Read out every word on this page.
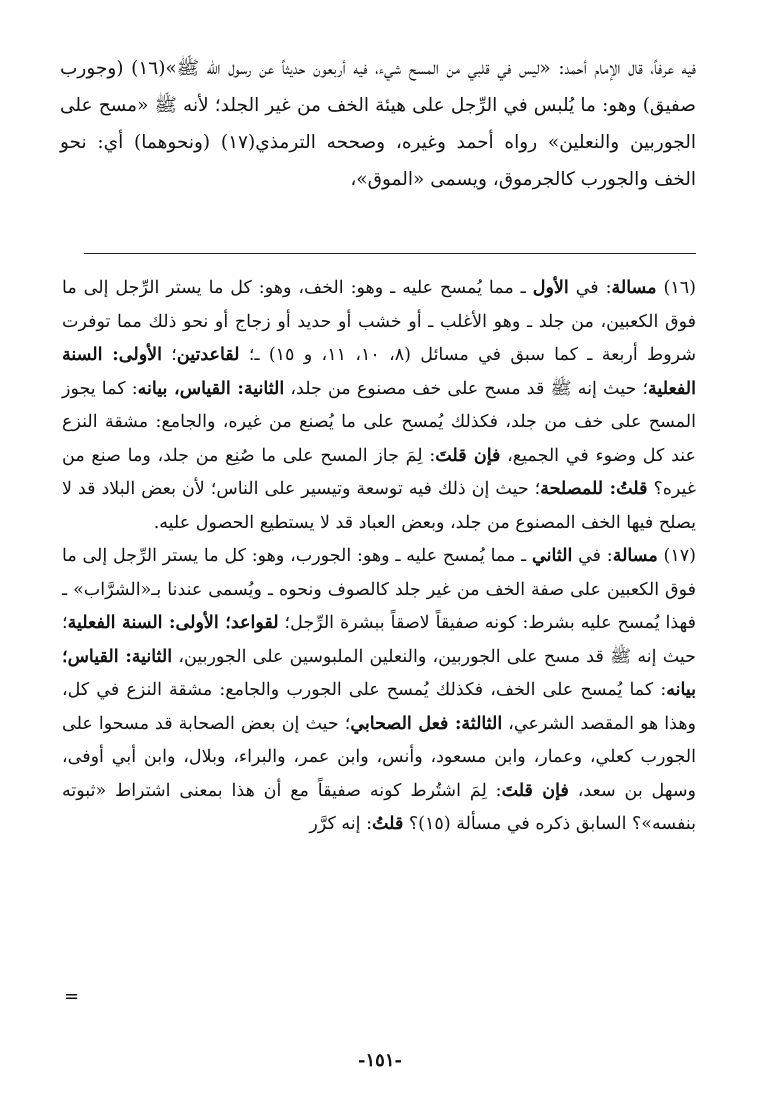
فيه عرفاً، قال الإمام أحمد: «ليس في قلبي من المسح شيء، فيه أربعون حديثاً عن رسول الله ﷺ»(١٦) (وجورب صفيق) وهو: ما يُلبس في الرِّجل على هيئة الخف من غير الجلد؛ لأنه ﷺ «مسح على الجوربين والنعلين» رواه أحمد وغيره، وصححه الترمذي(١٧) (ونحوهما) أي: نحو الخف والجورب كالجرموق، ويسمى «الموق»،

(١٦) مسالة: في الأول ـ مما يُمسح عليه ـ وهو: الخف، وهو: كل ما يستر الرِّجل إلى ما فوق الكعبين، من جلد ـ وهو الأغلب ـ أو خشب أو حديد أو زجاج أو نحو ذلك مما توفرت شروط أربعة ـ كما سبق في مسائل (٨، ١٠، ١١، و ١٥) ـ؛ لقاعدتين؛ الأولى: السنة الفعلية؛ حيث إنه ﷺ قد مسح على خف مصنوع من جلد، الثانية: القياس، بيانه: كما يجوز المسح على خف من جلد، فكذلك يُمسح على ما يُصنع من غيره، والجامع: مشقة النزع عند كل وضوء في الجميع، فإن قلتَ: لِمَ جاز المسح على ما صُنِع من جلد، وما صنع من غيره؟ قلتُ: للمصلحة؛ حيث إن ذلك فيه توسعة وتيسير على الناس؛ لأن بعض البلاد قد لا يصلح فيها الخف المصنوع من جلد، وبعض العباد قد لا يستطيع الحصول عليه.

(١٧) مسالة: في الثاني ـ مما يُمسح عليه ـ وهو: الجورب، وهو: كل ما يستر الرِّجل إلى ما فوق الكعبين على صفة الخف من غير جلد كالصوف ونحوه ـ ويُسمى عندنا بـ«الشرَّاب» ـ فهذا يُمسح عليه بشرط: كونه صفيقاً لاصقاً ببشرة الرِّجل؛ لقواعد؛ الأولى: السنة الفعلية؛ حيث إنه ﷺ قد مسح على الجوربين، والنعلين الملبوسين على الجوربين، الثانية: القياس؛ بيانه: كما يُمسح على الخف، فكذلك يُمسح على الجورب والجامع: مشقة النزع في كل، وهذا هو المقصد الشرعي، الثالثة: فعل الصحابي؛ حيث إن بعض الصحابة قد مسحوا على الجورب كعلي، وعمار، وابن مسعود، وأنس، وابن عمر، والبراء، وبلال، وابن أبي أوفى، وسهل بن سعد، فإن قلتَ: لِمَ اشتُرط كونه صفيقاً مع أن هذا بمعنى اشتراط «ثبوته بنفسه»؟ السابق ذكره في مسألة (١٥)؟ قلتُ: إنه كرَّر

=
-١٥١-
